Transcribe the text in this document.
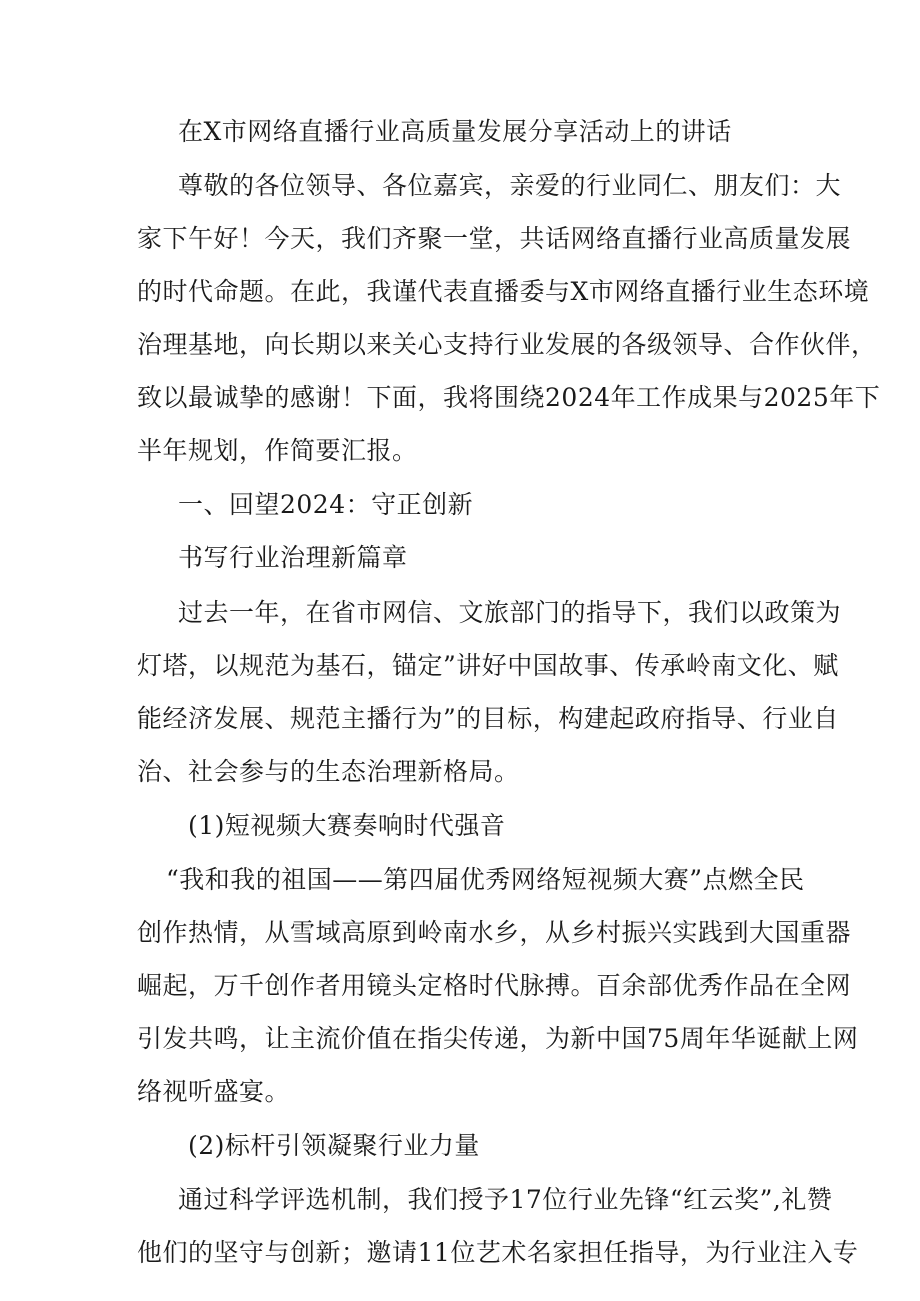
在X市网络直播行业高质量发展分享活动上的讲话
尊敬的各位领导、各位嘉宾，亲爱的行业同仁、朋友们：大
家下午好！今天，我们齐聚一堂，共话网络直播行业高质量发展
的时代命题。在此，我谨代表直播委与X市网络直播行业生态环境
治理基地，向长期以来关心支持行业发展的各级领导、合作伙伴，
致以最诚挚的感谢！下面，我将围绕2024年工作成果与2025年下
半年规划，作简要汇报。
一、回望2024：守正创新
书写行业治理新篇章
过去一年，在省市网信、文旅部门的指导下，我们以政策为
灯塔，以规范为基石，锚定”讲好中国故事、传承岭南文化、赋
能经济发展、规范主播行为”的目标，构建起政府指导、行业自
治、社会参与的生态治理新格局。
(1)短视频大赛奏响时代强音
“我和我的祖国——第四届优秀网络短视频大赛”点燃全民
创作热情，从雪域高原到岭南水乡，从乡村振兴实践到大国重器
崛起，万千创作者用镜头定格时代脉搏。百余部优秀作品在全网
引发共鸣，让主流价值在指尖传递，为新中国75周年华诞献上网
络视听盛宴。
(2)标杆引领凝聚行业力量
通过科学评选机制，我们授予17位行业先锋“红云奖”,礼赞
他们的坚守与创新；邀请11位艺术名家担任指导，为行业注入专
